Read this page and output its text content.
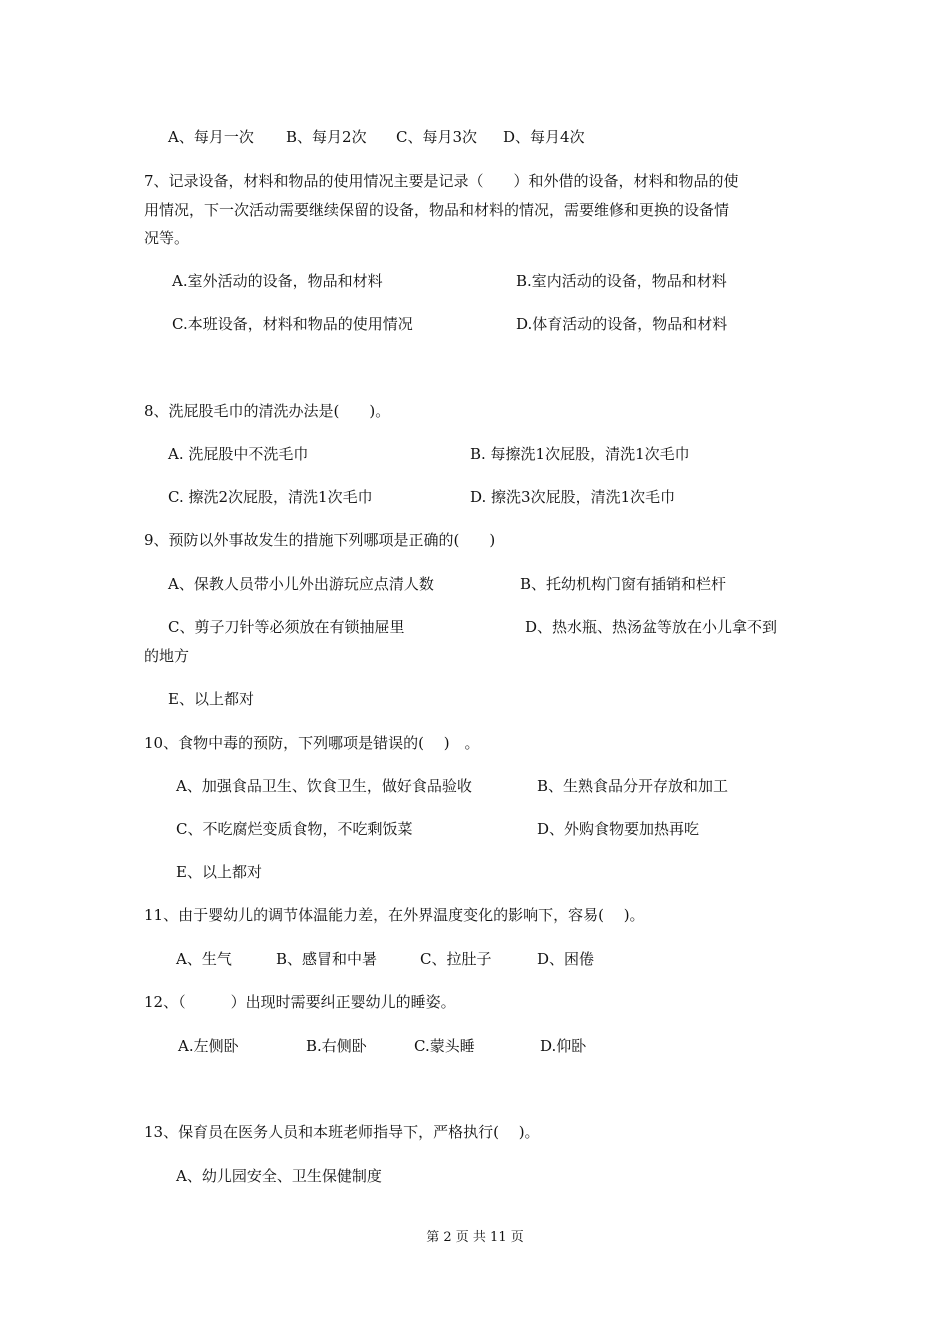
A、每月一次 B、每月2次 C、每月3次 D、每月4次
7、记录设备，材料和物品的使用情况主要是记录（　　）和外借的设备，材料和物品的使
用情况，下一次活动需要继续保留的设备，物品和材料的情况，需要维修和更换的设备情
况等。
A.室外活动的设备，物品和材料	B.室内活动的设备，物品和材料
C.本班设备，材料和物品的使用情况	D.体育活动的设备，物品和材料
8、洗屁股毛巾的清洗办法是(　　)。
A. 洗屁股中不洗毛巾	B. 每擦洗1次屁股，清洗1次毛巾
C. 擦洗2次屁股，清洗1次毛巾	D. 擦洗3次屁股，清洗1次毛巾
9、预防以外事故发生的措施下列哪项是正确的(　　)
A、保教人员带小儿外出游玩应点清人数	B、托幼机构门窗有插销和栏杆
C、剪子刀针等必须放在有锁抽屉里	D、热水瓶、热汤盆等放在小儿拿不到
的地方
E、以上都对
10、食物中毒的预防，下列哪项是错误的(　 )　。
A、加强食品卫生、饮食卫生，做好食品验收	B、生熟食品分开存放和加工
C、不吃腐烂变质食物，不吃剩饭菜	D、外购食物要加热再吃
E、以上都对
11、由于婴幼儿的调节体温能力差，在外界温度变化的影响下，容易(　 )。
A、生气	B、感冒和中暑	C、拉肚子	D、困倦
12、（　　　）出现时需要纠正婴幼儿的睡姿。
A.左侧卧	B.右侧卧	C.蒙头睡	D.仰卧
13、保育员在医务人员和本班老师指导下，严格执行(　 )。
A、幼儿园安全、卫生保健制度
第 2 页 共 11 页
